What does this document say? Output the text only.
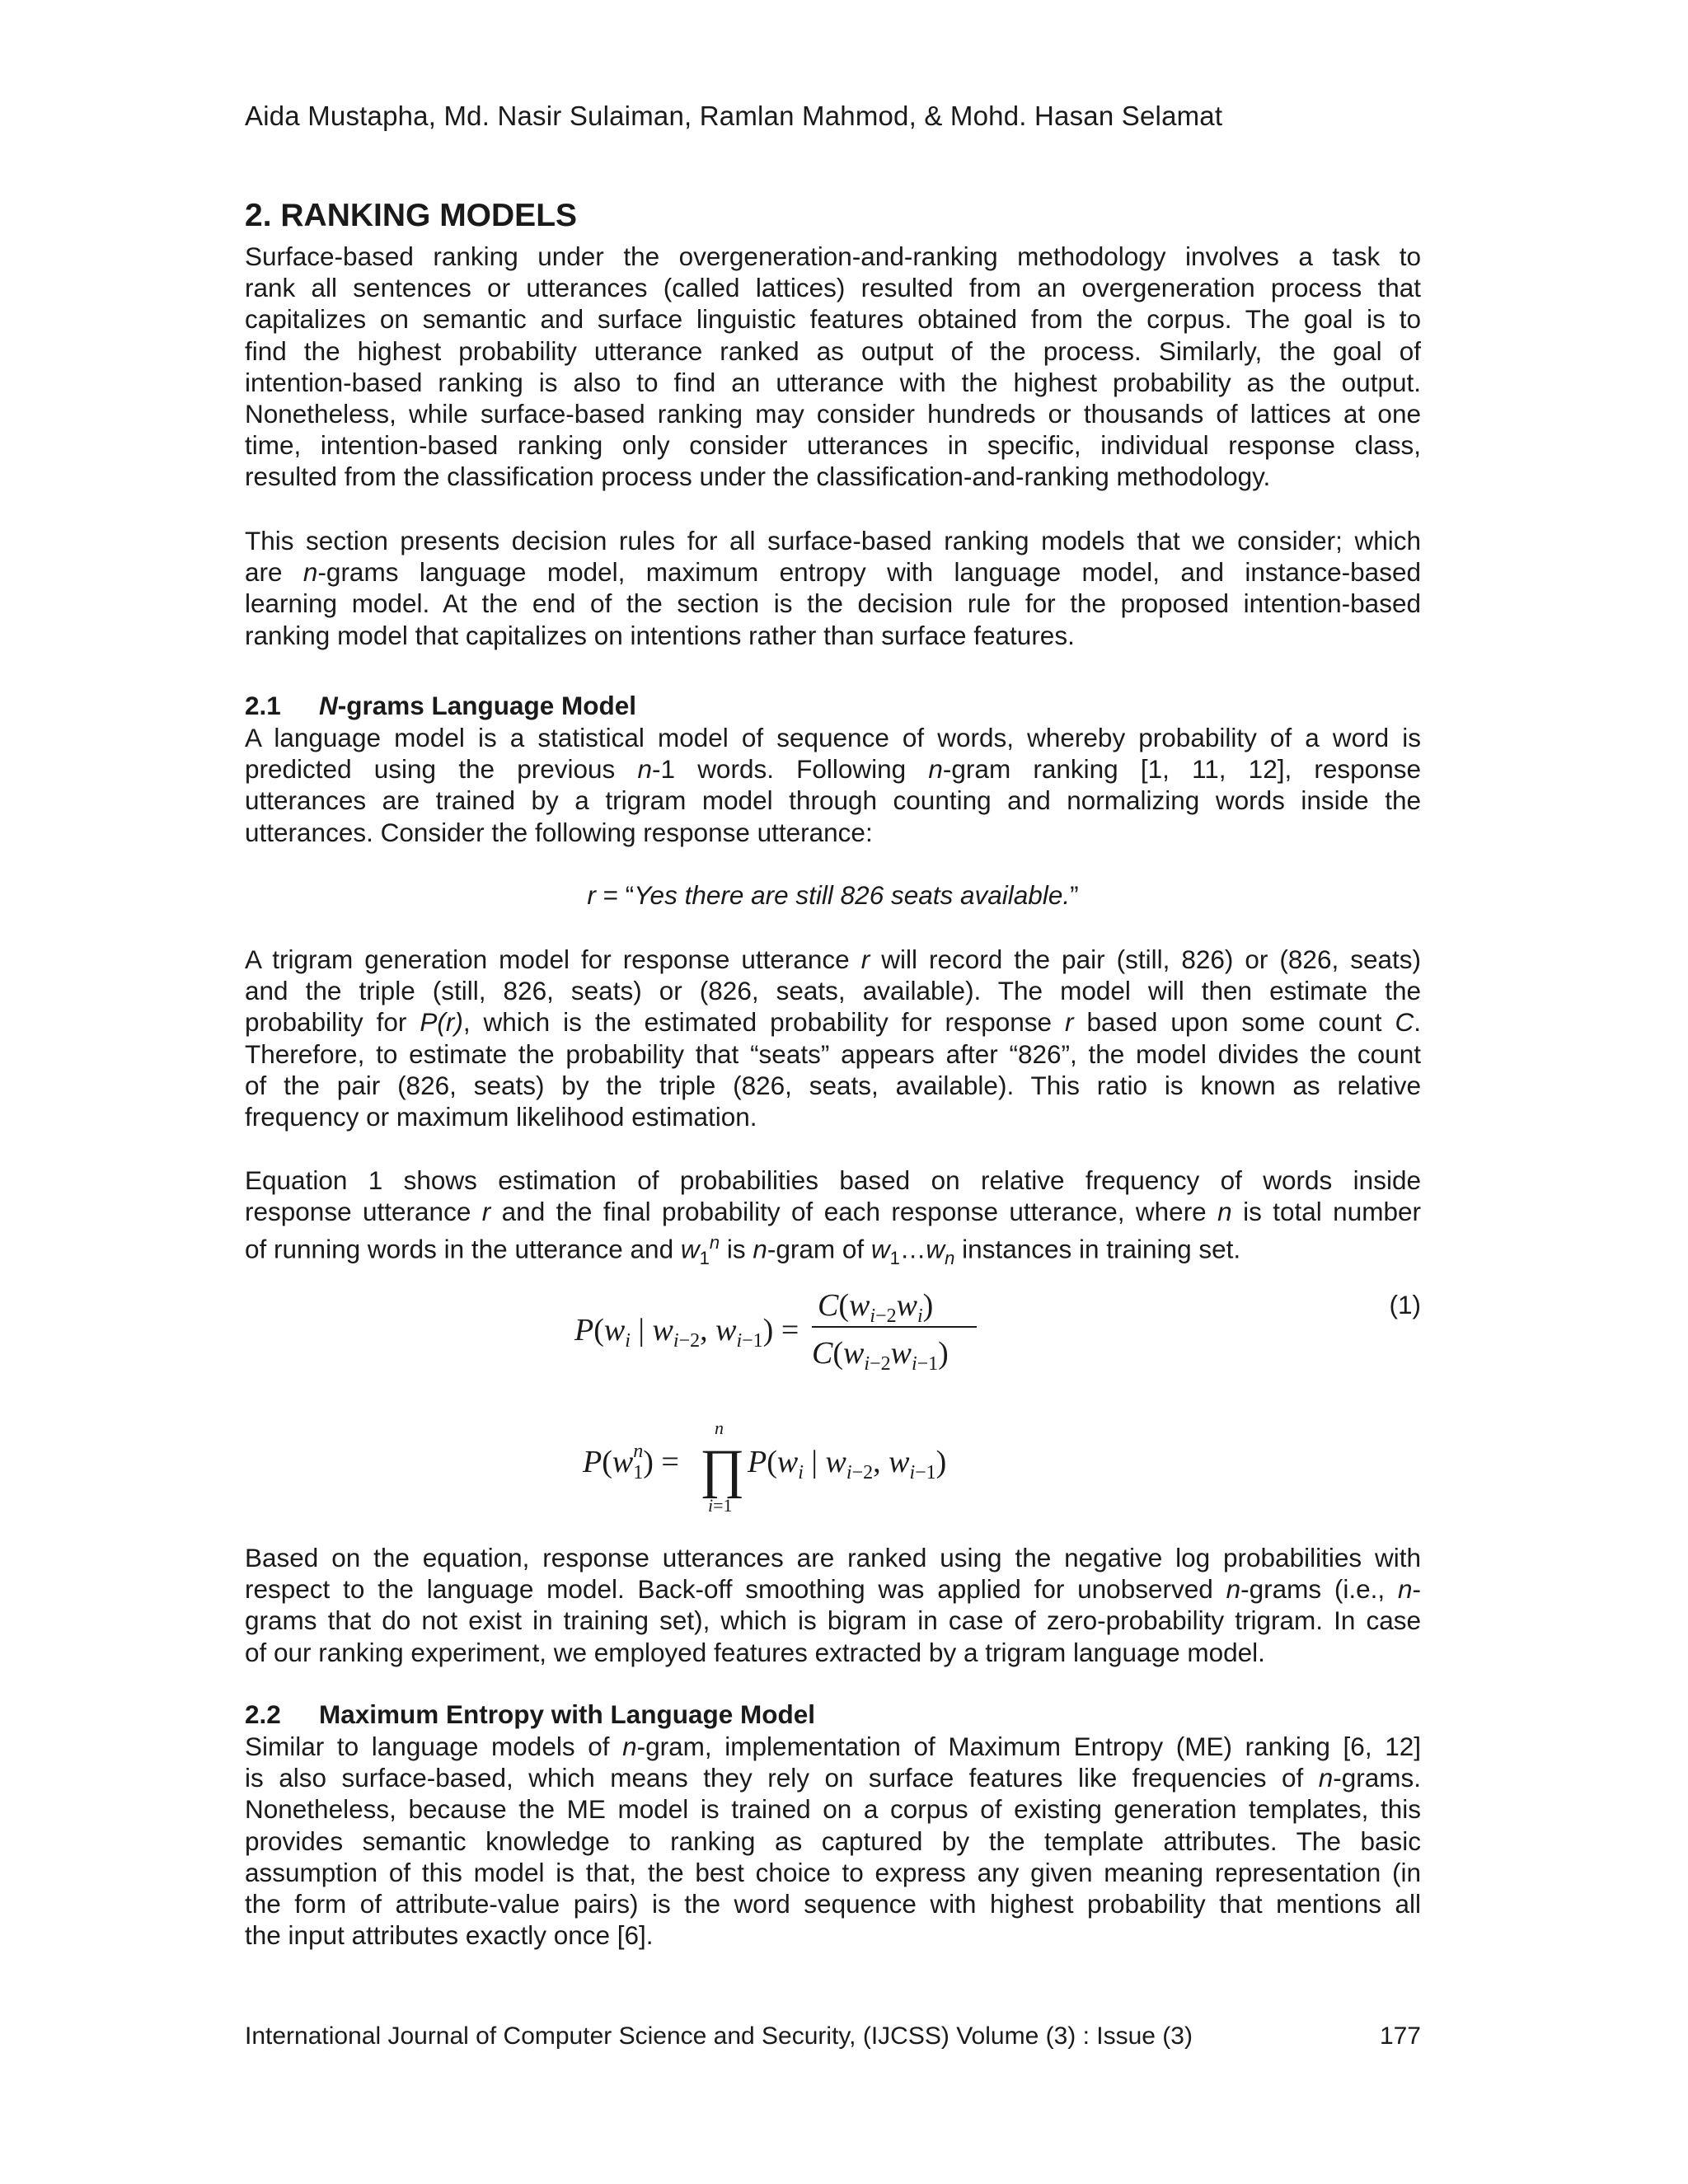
Aida Mustapha, Md. Nasir Sulaiman, Ramlan Mahmod, & Mohd. Hasan Selamat
2. RANKING MODELS
Surface-based ranking under the overgeneration-and-ranking methodology involves a task to
rank all sentences or utterances (called lattices) resulted from an overgeneration process that
capitalizes on semantic and surface linguistic features obtained from the corpus. The goal is to
find the highest probability utterance ranked as output of the process. Similarly, the goal of
intention-based ranking is also to find an utterance with the highest probability as the output.
Nonetheless, while surface-based ranking may consider hundreds or thousands of lattices at one
time, intention-based ranking only consider utterances in specific, individual response class,
resulted from the classification process under the classification-and-ranking methodology.
This section presents decision rules for all surface-based ranking models that we consider; which
are n-grams language model, maximum entropy with language model, and instance-based
learning model. At the end of the section is the decision rule for the proposed intention-based
ranking model that capitalizes on intentions rather than surface features.
2.1 N-grams Language Model
A language model is a statistical model of sequence of words, whereby probability of a word is
predicted using the previous n-1 words. Following n-gram ranking [1, 11, 12], response
utterances are trained by a trigram model through counting and normalizing words inside the
utterances. Consider the following response utterance:
r = “Yes there are still 826 seats available.”
A trigram generation model for response utterance r will record the pair (still, 826) or (826, seats)
and the triple (still, 826, seats) or (826, seats, available). The model will then estimate the
probability for P(r), which is the estimated probability for response r based upon some count C.
Therefore, to estimate the probability that “seats” appears after “826”, the model divides the count
of the pair (826, seats) by the triple (826, seats, available). This ratio is known as relative
frequency or maximum likelihood estimation.
Equation 1 shows estimation of probabilities based on relative frequency of words inside
response utterance r and the final probability of each response utterance, where n is total number
of running words in the utterance and $w_1^n$ is n-gram of $w_1\dots w_n$ instances in training set.
(1)
$P(w_i$ | $w_i-2$, $w_i-1$) =
$C(w_i-2w_i)$
$C(w_i-2w_i-1)$
$P(w_1n)$ =
n
∏
i=1
$P(w_i$ | $w_i-2$, $w_i-1$)
Based on the equation, response utterances are ranked using the negative log probabilities with
respect to the language model. Back-off smoothing was applied for unobserved n-grams (i.e., n-
grams that do not exist in training set), which is bigram in case of zero-probability trigram. In case
of our ranking experiment, we employed features extracted by a trigram language model.
2.2 Maximum Entropy with Language Model
Similar to language models of n-gram, implementation of Maximum Entropy (ME) ranking [6, 12]
is also surface-based, which means they rely on surface features like frequencies of n-grams.
Nonetheless, because the ME model is trained on a corpus of existing generation templates, this
provides semantic knowledge to ranking as captured by the template attributes. The basic
assumption of this model is that, the best choice to express any given meaning representation (in
the form of attribute-value pairs) is the word sequence with highest probability that mentions all
the input attributes exactly once [6].
International Journal of Computer Science and Security, (IJCSS) Volume (3) : Issue (3)	177
